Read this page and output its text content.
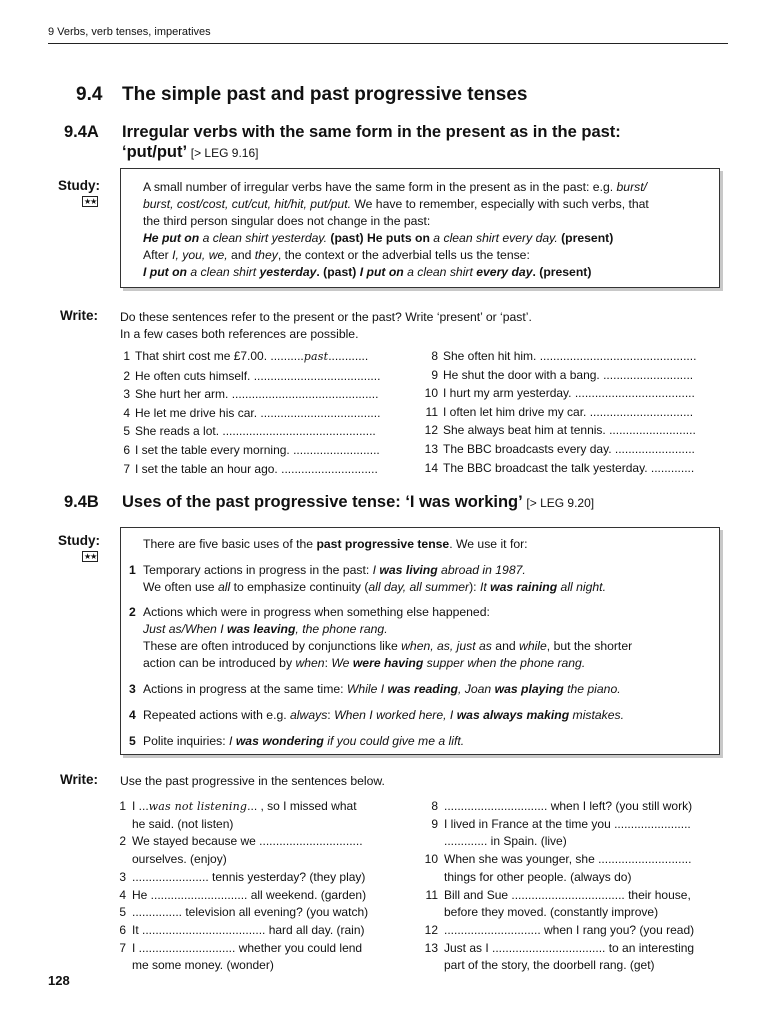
9 Verbs, verb tenses, imperatives
9.4 The simple past and past progressive tenses
9.4A Irregular verbs with the same form in the present as in the past:
‘put/put’ [> LEG 9.16]
Study:
★★

A small number of irregular verbs have the same form in the present as in the past: e.g. burst/

burst, cost/cost, cut/cut, hit/hit, put/put. We have to remember, especially with such verbs, that

the third person singular does not change in the past:

He put on a clean shirt yesterday. (past) He puts on a clean shirt every day. (present)

After I, you, we, and they, the context or the adverbial tells us the tense:

I put on a clean shirt yesterday. (past) I put on a clean shirt every day. (present)

Write: Do these sentences refer to the present or the past? Write ‘present’ or ‘past’.
In a few cases both references are possible.
1 That shirt cost me £7.00. ..........past............
2 He often cuts himself. ......................................
3 She hurt her arm. ............................................
4 He let me drive his car. ....................................
5 She reads a lot. ..............................................
6 I set the table every morning. ..........................
7 I set the table an hour ago. .............................
8 She often hit him. ...............................................
9 He shut the door with a bang. ...........................
10 I hurt my arm yesterday. ....................................
11 I often let him drive my car. ...............................
12 She always beat him at tennis. ..........................
13 The BBC broadcasts every day. ........................
14 The BBC broadcast the talk yesterday. .............
9.4B Uses of the past progressive tense: ‘I was working’ [> LEG 9.20]
Study:
★★

There are five basic uses of the past progressive tense. We use it for:

1 Temporary actions in progress in the past: I was living abroad in 1987.

We often use all to emphasize continuity (all day, all summer): It was raining all night.

2 Actions which were in progress when something else happened:

Just as/When I was leaving, the phone rang.

These are often introduced by conjunctions like when, as, just as and while, but the shorter

action can be introduced by when: We were having supper when the phone rang.

3 Actions in progress at the same time: While I was reading, Joan was playing the piano.

4 Repeated actions with e.g. always: When I worked here, I was always making mistakes.

5 Polite inquiries: I was wondering if you could give me a lift.

Write: Use the past progressive in the sentences below.
1 I ...was not listening... , so I missed what
he said. (not listen)
2 We stayed because we ...............................
ourselves. (enjoy)
3 ....................... tennis yesterday? (they play)
4 He ............................. all weekend. (garden)
5 ............... television all evening? (you watch)
6 It ..................................... hard all day. (rain)
7 I ............................. whether you could lend
me some money. (wonder)
8 ............................... when I left? (you still work)
9 I lived in France at the time you .......................
............. in Spain. (live)
10 When she was younger, she ............................
things for other people. (always do)
11 Bill and Sue .................................. their house,
before they moved. (constantly improve)
12 ............................. when I rang you? (you read)
13 Just as I .................................. to an interesting
part of the story, the doorbell rang. (get)
128
